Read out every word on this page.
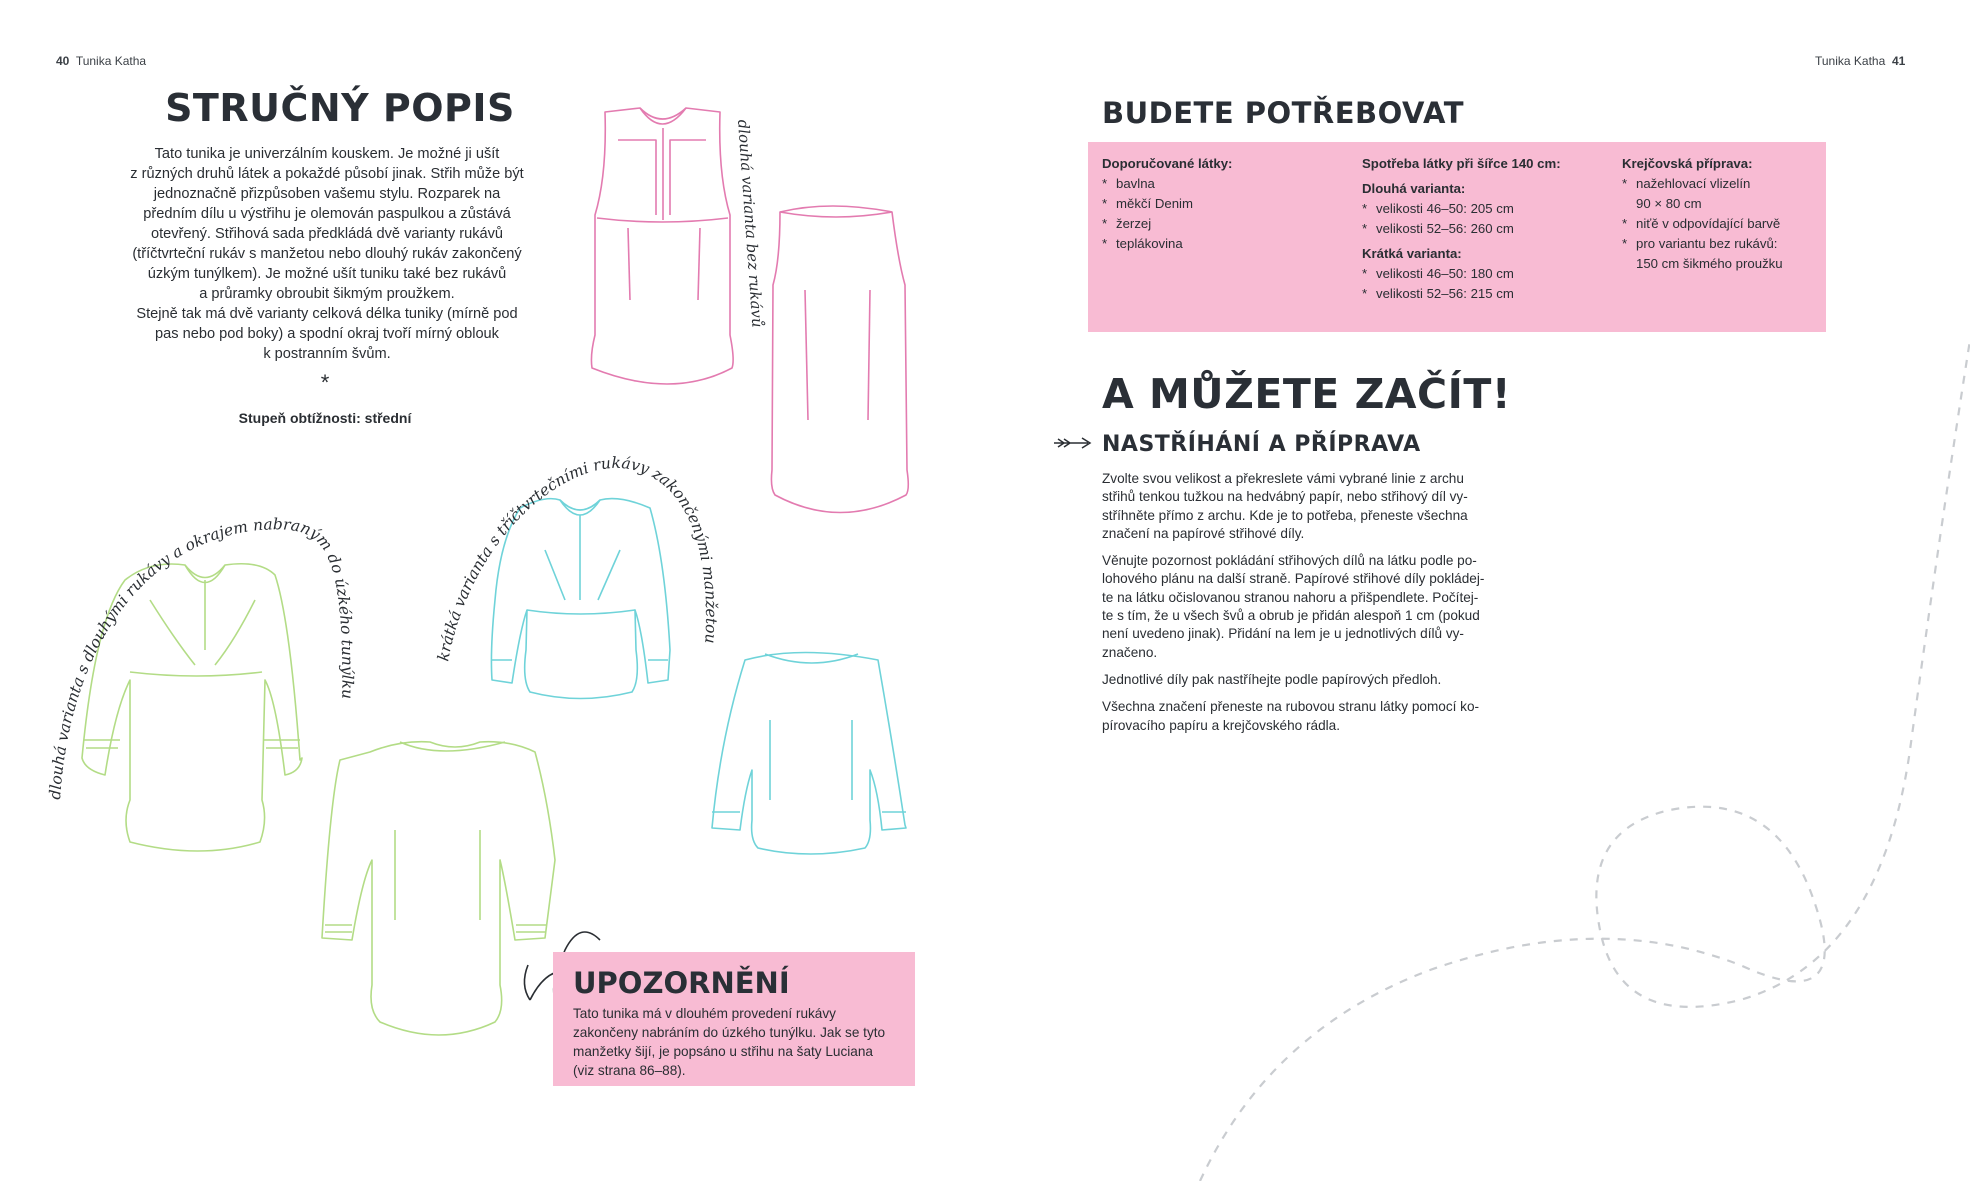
40 Tunika Katha	Tunika Katha 41
STRUČNÝ POPIS

Tato tunika je univerzálním kouskem. Je možné ji ušít

z různých druhů látek a pokaždé působí jinak. Střih může být

jednoznačně přizpůsoben vašemu stylu. Rozparek na

předním dílu u výstřihu je olemován paspulkou a zůstává

otevřený. Střihová sada předkládá dvě varianty rukávů

(tříčtvrteční rukáv s manžetou nebo dlouhý rukáv zakončený

úzkým tunýlkem). Je možné ušít tuniku také bez rukávů

a průramky obroubit šikmým proužkem.

Stejně tak má dvě varianty celková délka tuniky (mírně pod

pas nebo pod boky) a spodní okraj tvoří mírný oblouk

k postranním švům.

*
Stupeň obtížnosti: střední
dlouhá varianta bez rukávů
dlouhá varianta s dlouhými rukávy a okrajem nabraným do úzkého tunýlku
krátká varianta s tříčtvrtečními rukávy zakončenými manžetou
UPOZORNĚNÍ
Tato tunika má v dlouhém provedení rukávy
zakončeny nabráním do úzkého tunýlku. Jak se tyto
manžetky šijí, je popsáno u střihu na šaty Luciana
(viz strana 86–88).
BUDETE POTŘEBOVAT
Doporučované látky:
* bavlna
* měkčí Denim
* žerzej
* teplákovina
Spotřeba látky při šířce 140 cm:
Dlouhá varianta:
* velikosti 46–50: 205 cm
* velikosti 52–56: 260 cm
Krátká varianta:
* velikosti 46–50: 180 cm
* velikosti 52–56: 215 cm
Krejčovská příprava:
* nažehlovací vlizelín
90 × 80 cm
* niťě v odpovídající barvě
* pro variantu bez rukávů:
150 cm šikmého proužku
A MŮŽETE ZAČÍT!
NASTŘÍHÁNÍ A PŘÍPRAVA

Zvolte svou velikost a překreslete vámi vybrané linie z archu
střihů tenkou tužkou na hedvábný papír, nebo střihový díl vy-
stříhněte přímo z archu. Kde je to potřeba, přeneste všechna
značení na papírové střihové díly.

Věnujte pozornost pokládání střihových dílů na látku podle po-
lohového plánu na další straně. Papírové střihové díly pokládej-
te na látku očislovanou stranou nahoru a přišpendlete. Počítej-
te s tím, že u všech švů a obrub je přidán alespoň 1 cm (pokud
není uvedeno jinak). Přidání na lem je u jednotlivých dílů vy-
značeno.

Jednotlivé díly pak nastříhejte podle papírových předloh.

Všechna značení přeneste na rubovou stranu látky pomocí ko-
pírovacího papíru a krejčovského rádla.
